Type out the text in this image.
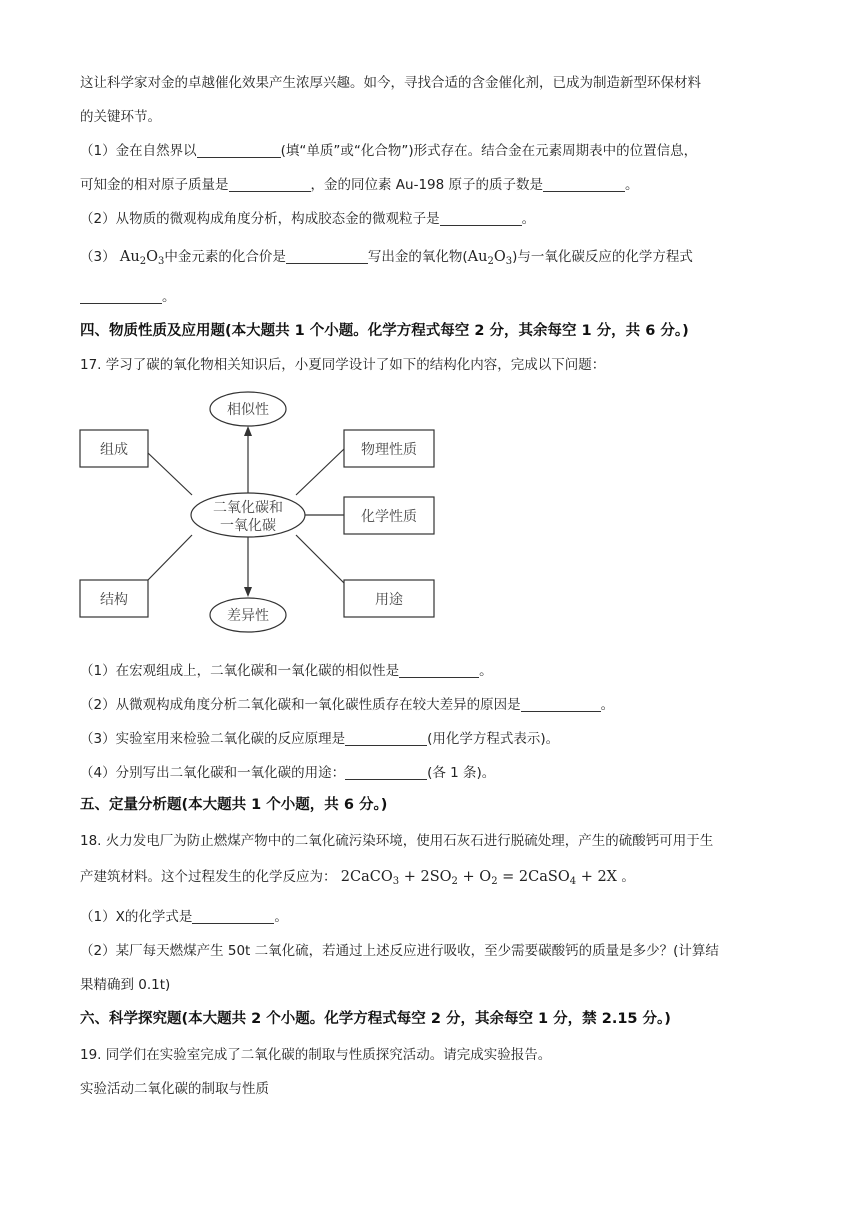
这让科学家对金的卓越催化效果产生浓厚兴趣。如今，寻找合适的含金催化剂，已成为制造新型环保材料
的关键环节。
（1）金在自然界以	(填“单质”或“化合物”)形式存在。结合金在元素周期表中的位置信息，
可知金的相对原子质量是	，金的同位素 Au-198 原子的质子数是	。
（2）从物质的微观构成角度分析，构成胶态金的微观粒子是	。
（3） $Au_2O_3$中金元素的化合价是	写出金的氧化物$(Au_2O_3)$与一氧化碳反应的化学方程式
。
四、物质性质及应用题(本大题共 1 个小题。化学方程式每空 2 分，其余每空 1 分，共 6 分。)
17. 学习了碳的氧化物相关知识后，小夏同学设计了如下的结构化内容，完成以下问题：
二氧化碳和
一氧化碳
相似性
差异性
组成
结构
物理性质
化学性质
用途
（1）在宏观组成上，二氧化碳和一氧化碳的相似性是	。
（2）从微观构成角度分析二氧化碳和一氧化碳性质存在较大差异的原因是	。
（3）实验室用来检验二氧化碳的反应原理是	(用化学方程式表示)。
（4）分别写出二氧化碳和一氧化碳的用途：	(各 1 条)。
五、定量分析题(本大题共 1 个小题，共 6 分。)
18. 火力发电厂为防止燃煤产物中的二氧化硫污染环境，使用石灰石进行脱硫处理，产生的硫酸钙可用于生
产建筑材料。这个过程发生的化学反应为： 2CaCO$_3$ + $2SO_2 + O_2$ = 2CaSO$_4$ + 2X 。
（1）X的化学式是	。
（2）某厂每天燃煤产生 50t 二氧化硫，若通过上述反应进行吸收，至少需要碳酸钙的质量是多少？(计算结
果精确到 0.1t)
六、科学探究题(本大题共 2 个小题。化学方程式每空 2 分，其余每空 1 分，禁 2.15 分。)
19. 同学们在实验室完成了二氧化碳的制取与性质探究活动。请完成实验报告。
实验活动二氧化碳的制取与性质
